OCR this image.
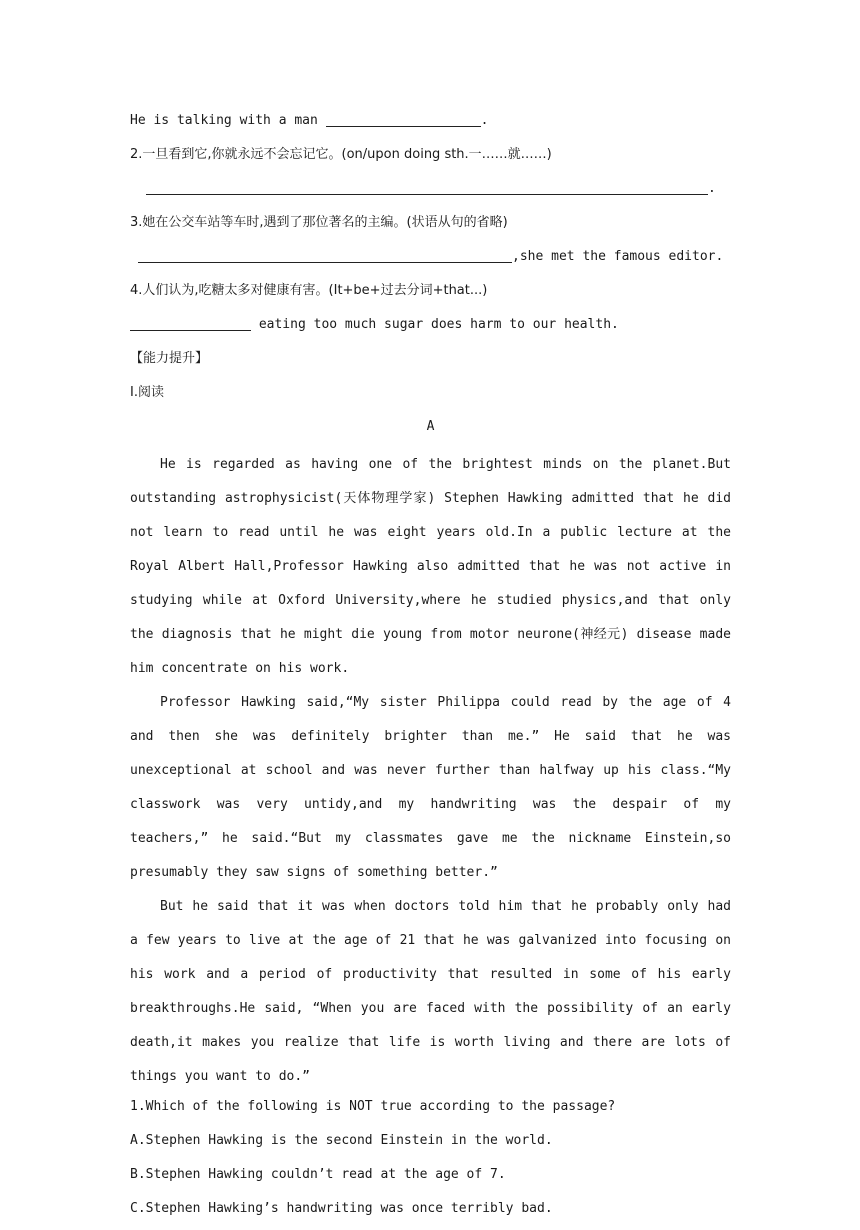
He is talking with a man	.
2.一旦看到它,你就永远不会忘记它。(on/upon doing sth.一……就……)
.
3.她在公交车站等车时,遇到了那位著名的主编。(状语从句的省略)
,she met the famous editor.
4.人们认为,吃糖太多对健康有害。(It+be+过去分词+that...)
eating too much sugar does harm to our health.
【能力提升】
Ⅰ.阅读
A

He is regarded as having one of the brightest minds on the planet.But outstanding astrophysicist(天体物理学家) Stephen Hawking admitted that he did not learn to read until he was eight years old.In a public lecture at the Royal Albert Hall,Professor Hawking also admitted that he was not active in studying while at Oxford University,where he studied physics,and that only the diagnosis that he might die young from motor neurone(神经元) disease made him concentrate on his work.

Professor Hawking said,“My sister Philippa could read by the age of 4 and then she was definitely brighter than me.” He said that he was unexceptional at school and was never further than halfway up his class.“My classwork was very untidy,and my handwriting was the despair of my teachers,” he said.“But my classmates gave me the nickname Einstein,so presumably they saw signs of something better.”

But he said that it was when doctors told him that he probably only had a few years to live at the age of 21 that he was galvanized into focusing on his work and a period of productivity that resulted in some of his early breakthroughs.He said, “When you are faced with the possibility of an early death,it makes you realize that life is worth living and there are lots of things you want to do.”

1.Which of the following is NOT true according to the passage?
A.Stephen Hawking is the second Einstein in the world.
B.Stephen Hawking couldn’t read at the age of 7.
C.Stephen Hawking’s handwriting was once terribly bad.
